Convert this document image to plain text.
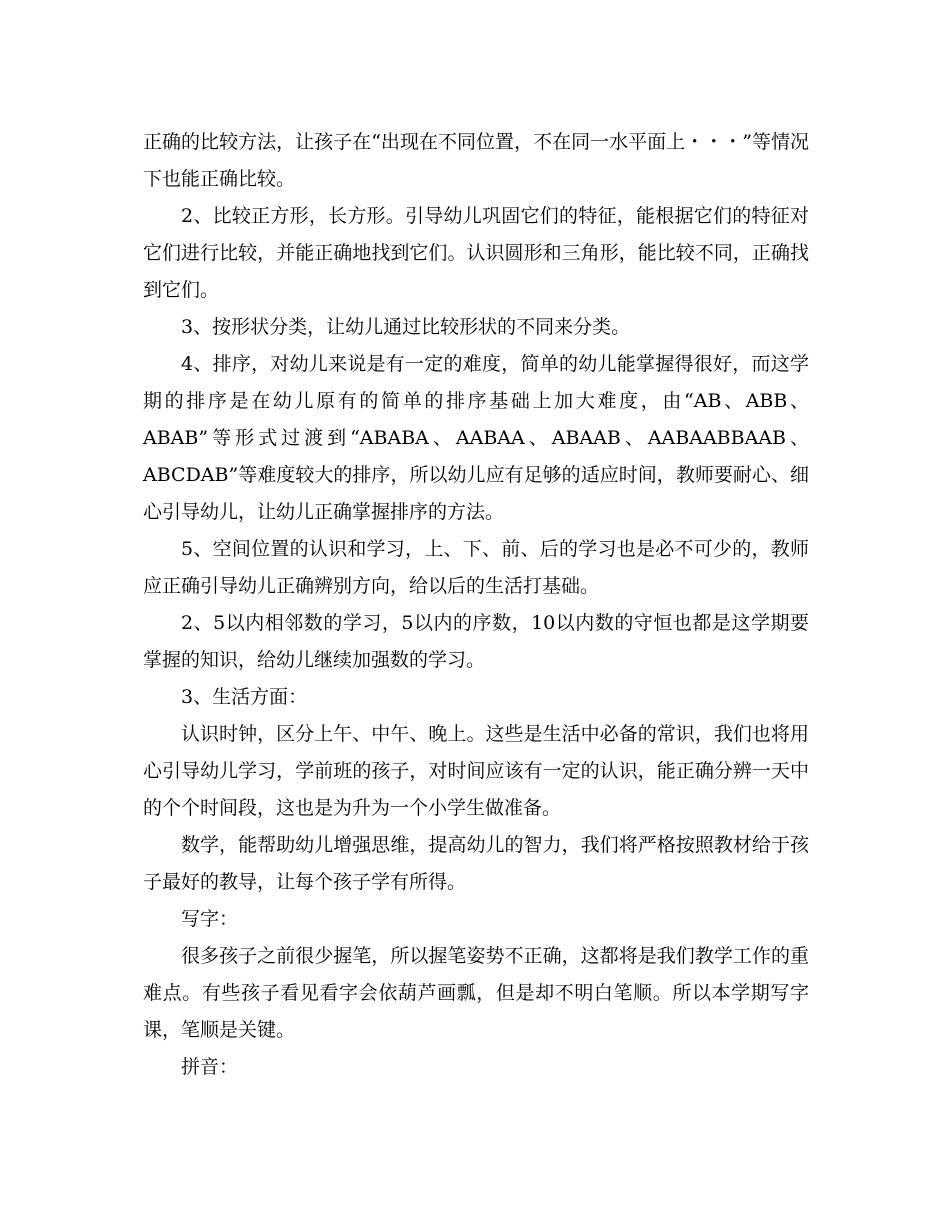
正确的比较方法，让孩子在“出现在不同位置，不在同一水平面上・・・”等情况下也能正确比较。

2、比较正方形，长方形。引导幼儿巩固它们的特征，能根据它们的特征对它们进行比较，并能正确地找到它们。认识圆形和三角形，能比较不同，正确找到它们。

3、按形状分类，让幼儿通过比较形状的不同来分类。

4、排序，对幼儿来说是有一定的难度，简单的幼儿能掌握得很好，而这学期的排序是在幼儿原有的简单的排序基础上加大难度，由“AB、ABB、ABAB”等形式过渡到“ABABA、AABAA、ABAAB、AABAABBAAB、ABCDAB”等难度较大的排序，所以幼儿应有足够的适应时间，教师要耐心、细心引导幼儿，让幼儿正确掌握排序的方法。

5、空间位置的认识和学习，上、下、前、后的学习也是必不可少的，教师应正确引导幼儿正确辨别方向，给以后的生活打基础。

2、5以内相邻数的学习，5以内的序数，10以内数的守恒也都是这学期要掌握的知识，给幼儿继续加强数的学习。

3、生活方面：

认识时钟，区分上午、中午、晚上。这些是生活中必备的常识，我们也将用心引导幼儿学习，学前班的孩子，对时间应该有一定的认识，能正确分辨一天中的个个时间段，这也是为升为一个小学生做准备。

数学，能帮助幼儿增强思维，提高幼儿的智力，我们将严格按照教材给于孩子最好的教导，让每个孩子学有所得。

写字：

很多孩子之前很少握笔，所以握笔姿势不正确，这都将是我们教学工作的重难点。有些孩子看见看字会依葫芦画瓢，但是却不明白笔顺。所以本学期写字课，笔顺是关键。

拼音：
